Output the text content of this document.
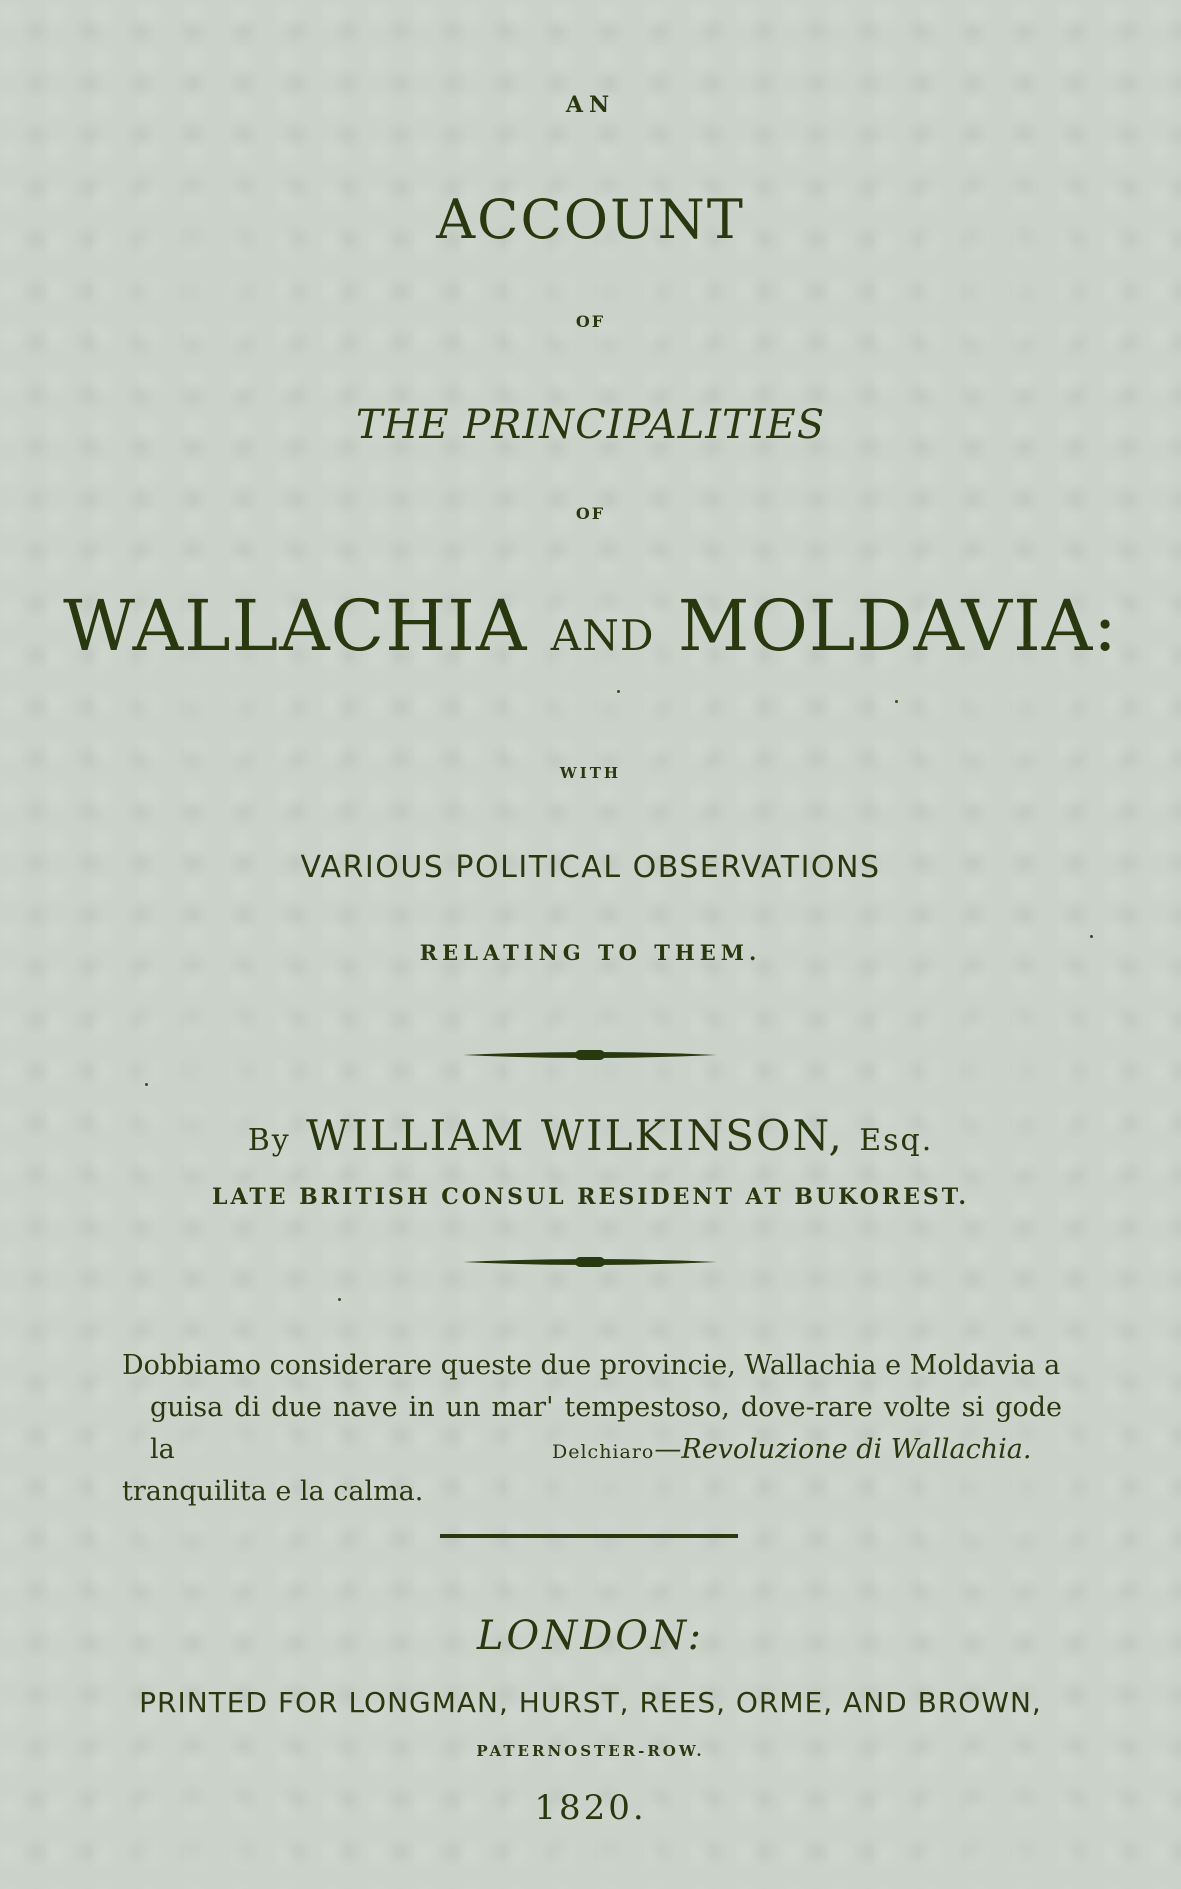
AN
ACCOUNT
OF
THE PRINCIPALITIES
OF
WALLACHIA AND MOLDAVIA:
WITH
VARIOUS POLITICAL OBSERVATIONS
RELATING TO THEM.
By WILLIAM WILKINSON, Esq.
LATE BRITISH CONSUL RESIDENT AT BUKOREST.
Dobbiamo considerare queste due provincie, Wallachia e Moldavia a
guisa di due nave in un mar' tempestoso, dove-rare volte si gode la
tranquilita e la calma.
Delchiaro—Revoluzione di Wallachia.
LONDON:
PRINTED FOR LONGMAN, HURST, REES, ORME, AND BROWN,
PATERNOSTER-ROW.
1820.
